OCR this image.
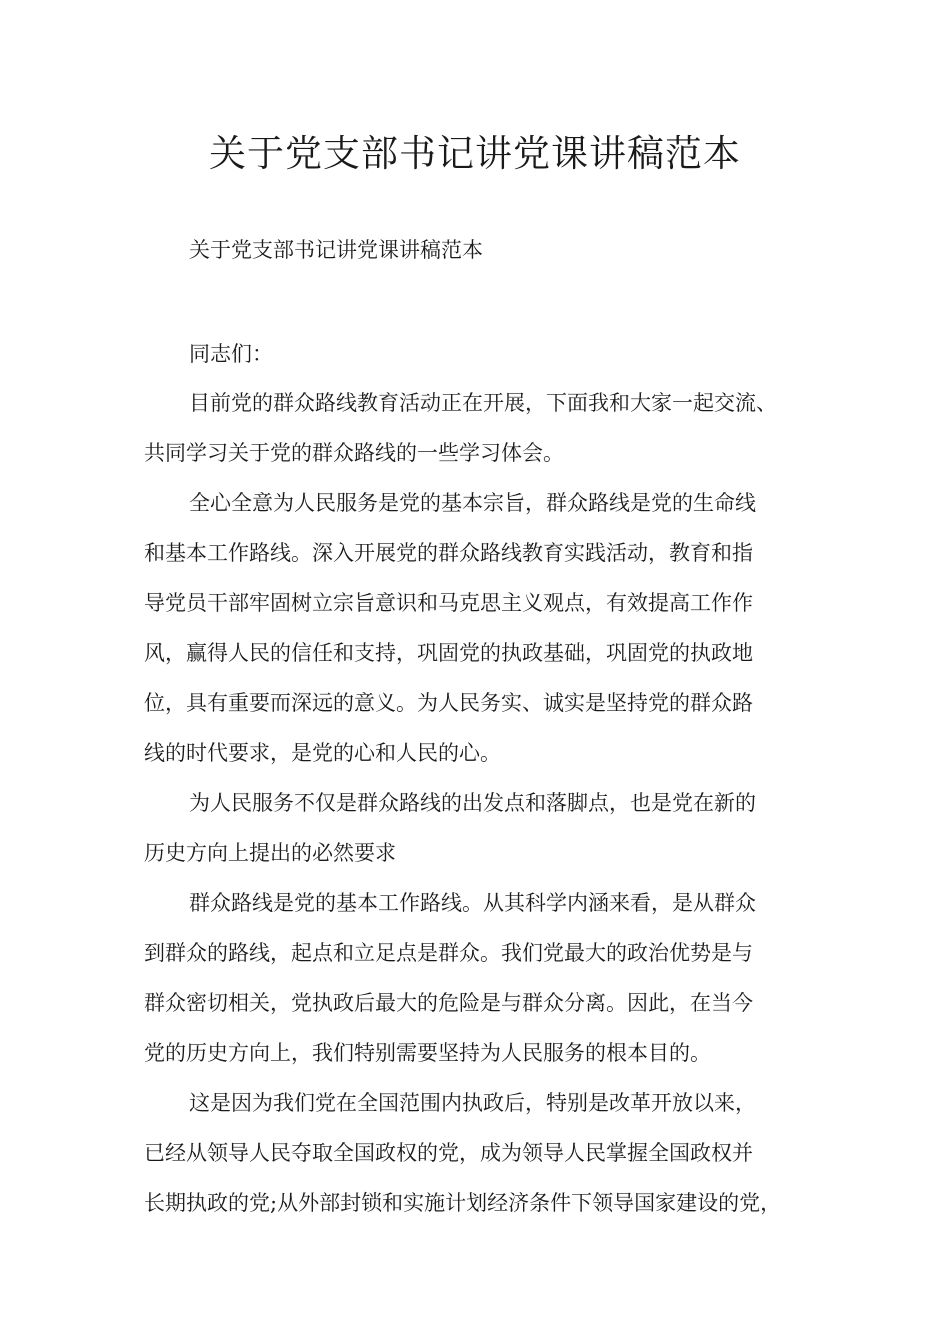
关于党支部书记讲党课讲稿范本

关于党支部书记讲党课讲稿范本

同志们：

目前党的群众路线教育活动正在开展，下面我和大家一起交流、
共同学习关于党的群众路线的一些学习体会。

全心全意为人民服务是党的基本宗旨，群众路线是党的生命线
和基本工作路线。深入开展党的群众路线教育实践活动，教育和指
导党员干部牢固树立宗旨意识和马克思主义观点，有效提高工作作
风，赢得人民的信任和支持，巩固党的执政基础，巩固党的执政地
位，具有重要而深远的意义。为人民务实、诚实是坚持党的群众路
线的时代要求，是党的心和人民的心。

为人民服务不仅是群众路线的出发点和落脚点，也是党在新的
历史方向上提出的必然要求

群众路线是党的基本工作路线。从其科学内涵来看，是从群众
到群众的路线，起点和立足点是群众。我们党最大的政治优势是与
群众密切相关，党执政后最大的危险是与群众分离。因此，在当今
党的历史方向上，我们特别需要坚持为人民服务的根本目的。

这是因为我们党在全国范围内执政后，特别是改革开放以来，
已经从领导人民夺取全国政权的党，成为领导人民掌握全国政权并
长期执政的党;从外部封锁和实施计划经济条件下领导国家建设的党，
